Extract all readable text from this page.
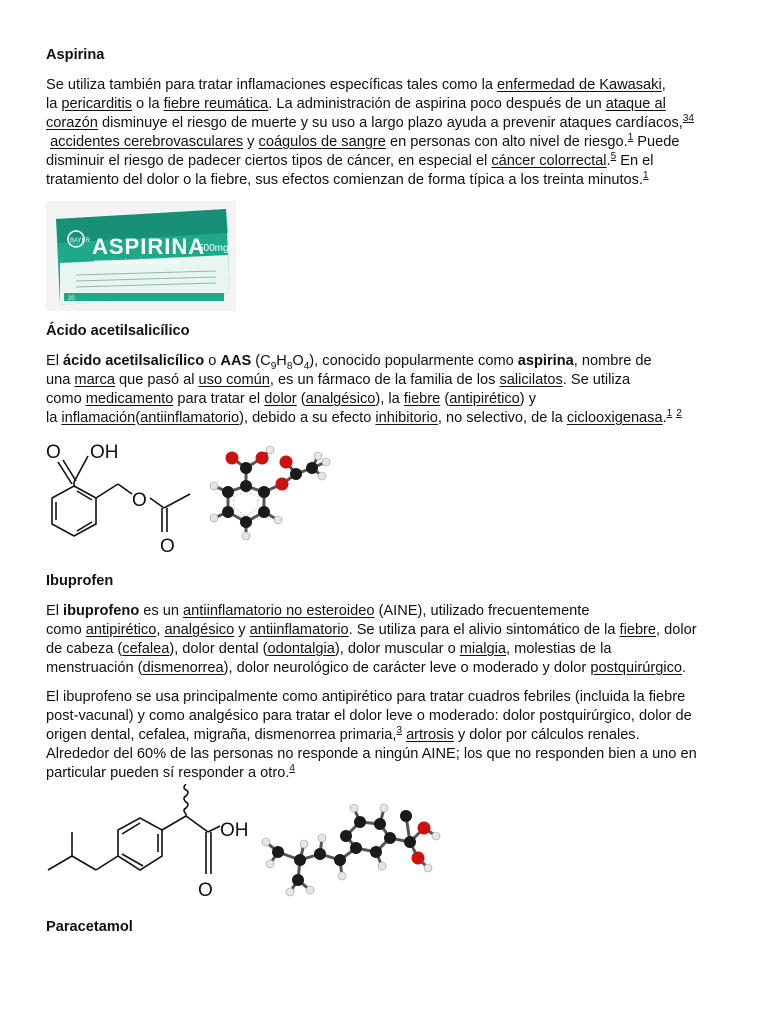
Aspirina

Se utiliza también para tratar inflamaciones específicas tales como la enfermedad de Kawasaki,
la pericarditis o la fiebre reumática. La administración de aspirina poco después de un ataque al
corazón disminuye el riesgo de muerte y su uso a largo plazo ayuda a prevenir ataques cardíacos,$^{34}$
accidentes cerebrovasculares y coágulos de sangre en personas con alto nivel de riesgo.$^1$ Puede
disminuir el riesgo de padecer ciertos tipos de cáncer, en especial el cáncer colorrectal.$^5$ En el
tratamiento del dolor o la fiebre, sus efectos comienzan de forma típica a los treinta minutos.$^1$

BAYER ASPIRINA
500mg
comprimidos efervescentes
20
Ácido acetilsalicílico

El ácido acetilsalicílico o AAS $(C_9H_8O_4)$, conocido popularmente como aspirina, nombre de
una marca que pasó al uso común, es un fármaco de la familia de los salicilatos. Se utiliza
como medicamento para tratar el dolor (analgésico), la fiebre (antipirético) y
la inflamación(antiinflamatorio), debido a su efecto inhibitorio, no selectivo, de la ciclooxigenasa.$^1$ $^2$

O OH
O
O
Ibuprofen

El ibuprofeno es un antiinflamatorio no esteroideo (AINE), utilizado frecuentemente
como antipirético, analgésico y antiinflamatorio. Se utiliza para el alivio sintomático de la fiebre, dolor
de cabeza (cefalea), dolor dental (odontalgia), dolor muscular o mialgia, molestias de la
menstruación (dismenorrea), dolor neurológico de carácter leve o moderado y dolor postquirúrgico.

El ibuprofeno se usa principalmente como antipirético para tratar cuadros febriles (incluida la fiebre
post-vacunal) y como analgésico para tratar el dolor leve o moderado: dolor postquirúrgico, dolor de
origen dental, cefalea, migraña, dismenorrea primaria,$^3$ artrosis y dolor por cálculos renales.
Alrededor del 60% de las personas no responde a ningún AINE; los que no responden bien a uno en
particular pueden sí responder a otro.$^4$

OH
O
Paracetamol
